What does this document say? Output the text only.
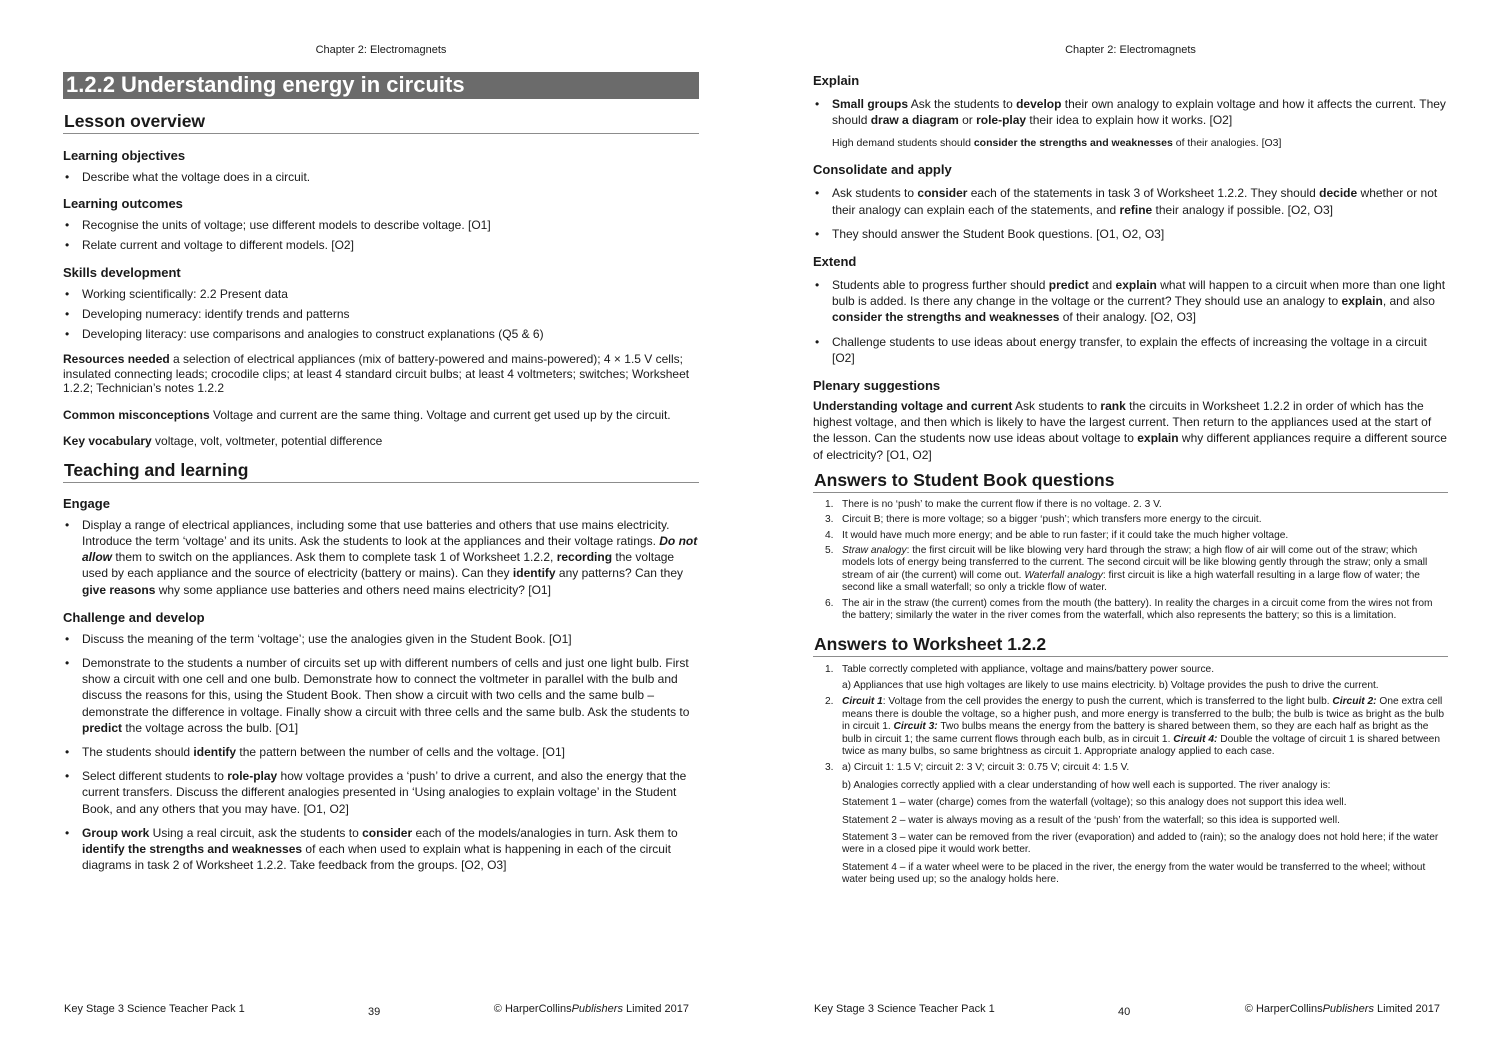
Chapter 2: Electromagnets
1.2.2 Understanding energy in circuits
Lesson overview
Learning objectives
• Describe what the voltage does in a circuit.
Learning outcomes
• Recognise the units of voltage; use different models to describe voltage. [O1]
• Relate current and voltage to different models. [O2]
Skills development
• Working scientifically: 2.2 Present data
• Developing numeracy: identify trends and patterns
• Developing literacy: use comparisons and analogies to construct explanations (Q5 & 6)

Resources needed a selection of electrical appliances (mix of battery-powered and mains-powered); 4 × 1.5 V cells; insulated connecting leads; crocodile clips; at least 4 standard circuit bulbs; at least 4 voltmeters; switches; Worksheet 1.2.2; Technician’s notes 1.2.2

Common misconceptions Voltage and current are the same thing. Voltage and current get used up by the circuit.

Key vocabulary voltage, volt, voltmeter, potential difference

Teaching and learning
Engage
• Display a range of electrical appliances, including some that use batteries and others that use mains electricity. Introduce the term ‘voltage’ and its units. Ask the students to look at the appliances and their voltage ratings. Do not allow them to switch on the appliances. Ask them to complete task 1 of Worksheet 1.2.2, recording the voltage used by each appliance and the source of electricity (battery or mains). Can they identify any patterns? Can they give reasons why some appliance use batteries and others need mains electricity? [O1]
Challenge and develop
• Discuss the meaning of the term ‘voltage’; use the analogies given in the Student Book. [O1]
• Demonstrate to the students a number of circuits set up with different numbers of cells and just one light bulb. First show a circuit with one cell and one bulb. Demonstrate how to connect the voltmeter in parallel with the bulb and discuss the reasons for this, using the Student Book. Then show a circuit with two cells and the same bulb – demonstrate the difference in voltage. Finally show a circuit with three cells and the same bulb. Ask the students to predict the voltage across the bulb. [O1]
• The students should identify the pattern between the number of cells and the voltage. [O1]
• Select different students to role-play how voltage provides a ‘push’ to drive a current, and also the energy that the current transfers. Discuss the different analogies presented in ‘Using analogies to explain voltage’ in the Student Book, and any others that you may have. [O1, O2]
• Group work Using a real circuit, ask the students to consider each of the models/analogies in turn. Ask them to identify the strengths and weaknesses of each when used to explain what is happening in each of the circuit diagrams in task 2 of Worksheet 1.2.2. Take feedback from the groups. [O2, O3]
Key Stage 3 Science Teacher Pack 1	39	© HarperCollinsPublishers Limited 2017
Chapter 2: Electromagnets
Explain
• Small groups Ask the students to develop their own analogy to explain voltage and how it affects the current. They should draw a diagram or role-play their idea to explain how it works. [O2]

High demand students should consider the strengths and weaknesses of their analogies. [O3]

Consolidate and apply
• Ask students to consider each of the statements in task 3 of Worksheet 1.2.2. They should decide whether or not their analogy can explain each of the statements, and refine their analogy if possible. [O2, O3]
• They should answer the Student Book questions. [O1, O2, O3]
Extend
• Students able to progress further should predict and explain what will happen to a circuit when more than one light bulb is added. Is there any change in the voltage or the current? They should use an analogy to explain, and also consider the strengths and weaknesses of their analogy. [O2, O3]
• Challenge students to use ideas about energy transfer, to explain the effects of increasing the voltage in a circuit [O2]
Plenary suggestions

Understanding voltage and current Ask students to rank the circuits in Worksheet 1.2.2 in order of which has the highest voltage, and then which is likely to have the largest current. Then return to the appliances used at the start of the lesson. Can the students now use ideas about voltage to explain why different appliances require a different source of electricity? [O1, O2]

Answers to Student Book questions
1. There is no ‘push’ to make the current flow if there is no voltage. 2. 3 V.
3. Circuit B; there is more voltage; so a bigger ‘push’; which transfers more energy to the circuit.
4. It would have much more energy; and be able to run faster; if it could take the much higher voltage.
5. Straw analogy: the first circuit will be like blowing very hard through the straw; a high flow of air will come out of the straw; which models lots of energy being transferred to the current. The second circuit will be like blowing gently through the straw; only a small stream of air (the current) will come out. Waterfall analogy: first circuit is like a high waterfall resulting in a large flow of water; the second like a small waterfall; so only a trickle flow of water.
6. The air in the straw (the current) comes from the mouth (the battery). In reality the charges in a circuit come from the wires not from the battery; similarly the water in the river comes from the waterfall, which also represents the battery; so this is a limitation.
Answers to Worksheet 1.2.2
1. Table correctly completed with appliance, voltage and mains/battery power source.

a) Appliances that use high voltages are likely to use mains electricity. b) Voltage provides the push to drive the current.

2. Circuit 1: Voltage from the cell provides the energy to push the current, which is transferred to the light bulb. Circuit 2: One extra cell means there is double the voltage, so a higher push, and more energy is transferred to the bulb; the bulb is twice as bright as the bulb in circuit 1. Circuit 3: Two bulbs means the energy from the battery is shared between them, so they are each half as bright as the bulb in circuit 1; the same current flows through each bulb, as in circuit 1. Circuit 4: Double the voltage of circuit 1 is shared between twice as many bulbs, so same brightness as circuit 1. Appropriate analogy applied to each case.
3. a) Circuit 1: 1.5 V; circuit 2: 3 V; circuit 3: 0.75 V; circuit 4: 1.5 V.

b) Analogies correctly applied with a clear understanding of how well each is supported. The river analogy is:

Statement 1 – water (charge) comes from the waterfall (voltage); so this analogy does not support this idea well.

Statement 2 – water is always moving as a result of the ‘push’ from the waterfall; so this idea is supported well.

Statement 3 – water can be removed from the river (evaporation) and added to (rain); so the analogy does not hold here; if the water were in a closed pipe it would work better.

Statement 4 – if a water wheel were to be placed in the river, the energy from the water would be transferred to the wheel; without water being used up; so the analogy holds here.

Key Stage 3 Science Teacher Pack 1	40	© HarperCollinsPublishers Limited 2017
